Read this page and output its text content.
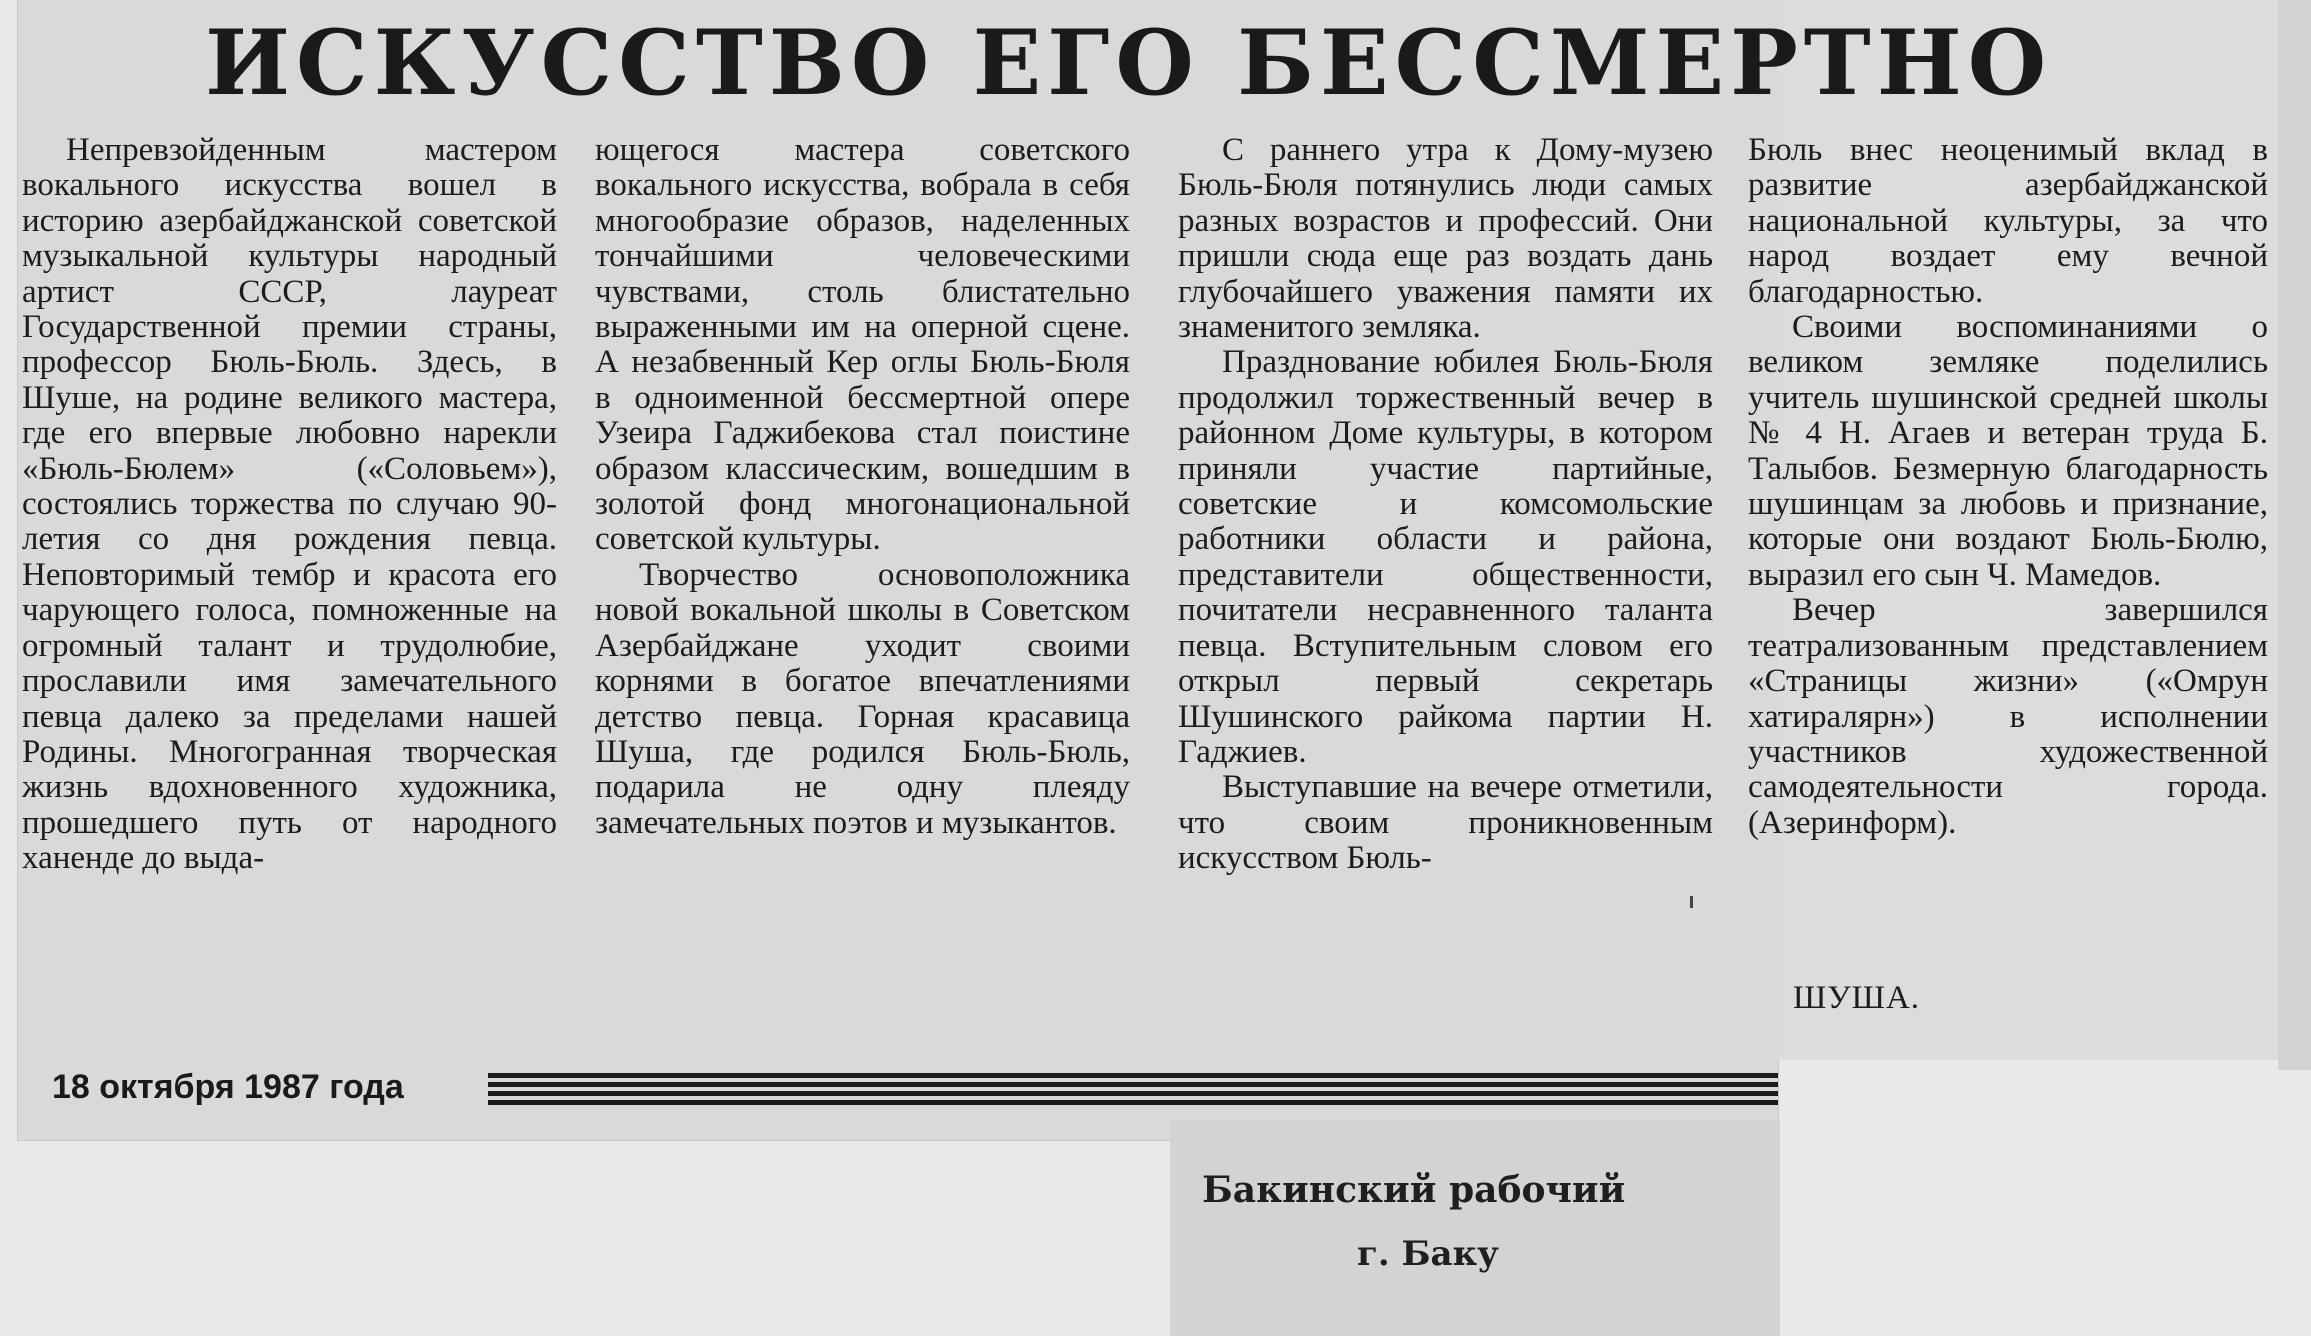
ИСКУССТВО ЕГО БЕССМЕРТНО

Непревзойденным мастером вокального искусства вошел в историю азербайджанской советской музыкальной культуры народный артист СССР, лауреат Государственной премии страны, профессор Бюль-Бюль. Здесь, в Шуше, на родине великого мастера, где его впервые любовно нарекли «Бюль-Бюлем» («Соловьем»), состоялись торжества по случаю 90-летия со дня рождения певца. Неповторимый тембр и красота его чарующего голоса, помноженные на огромный талант и трудолюбие, прославили имя замечательного певца далеко за пределами нашей Родины. Многогранная творческая жизнь вдохновенного художника, прошедшего путь от народного ханенде до выда-

ющегося мастера советского вокального искусства, вобрала в себя многообразие образов, наделенных тончайшими человеческими чувствами, столь блистательно выраженными им на оперной сцене. А незабвенный Кер оглы Бюль-Бюля в одноименной бессмертной опере Узеира Гаджибекова стал поистине образом классическим, вошедшим в золотой фонд многонациональной советской культуры.

Творчество основоположника новой вокальной школы в Советском Азербайджане уходит своими корнями в богатое впечатлениями детство певца. Горная красавица Шуша, где родился Бюль-Бюль, подарила не одну плеяду замечательных поэтов и музыкантов.

С раннего утра к Дому-музею Бюль-Бюля потянулись люди самых разных возрастов и профессий. Они пришли сюда еще раз воздать дань глубочайшего уважения памяти их знаменитого земляка.

Празднование юбилея Бюль-Бюля продолжил торжественный вечер в районном Доме культуры, в котором приняли участие партийные, советские и комсомольские работники области и района, представители общественности, почитатели несравненного таланта певца. Вступительным словом его открыл первый секретарь Шушинского райкома партии Н. Гаджиев.

Выступавшие на вечере отметили, что своим проникновенным искусством Бюль-

Бюль внес неоценимый вклад в развитие азербайджанской национальной культуры, за что народ воздает ему вечной благодарностью.

Своими воспоминаниями о великом земляке поделились учитель шушинской средней школы № 4 Н. Агаев и ветеран труда Б. Талыбов. Безмерную благодарность шушинцам за любовь и признание, которые они воздают Бюль-Бюлю, выразил его сын Ч. Мамедов.

Вечер завершился театрализованным представлением «Страницы жизни» («Омрун хатиралярн») в исполнении участников художественной самодеятельности города. (Азеринформ).

ШУША.
18 октября 1987 года
Бакинский рабочий
г. Баку
